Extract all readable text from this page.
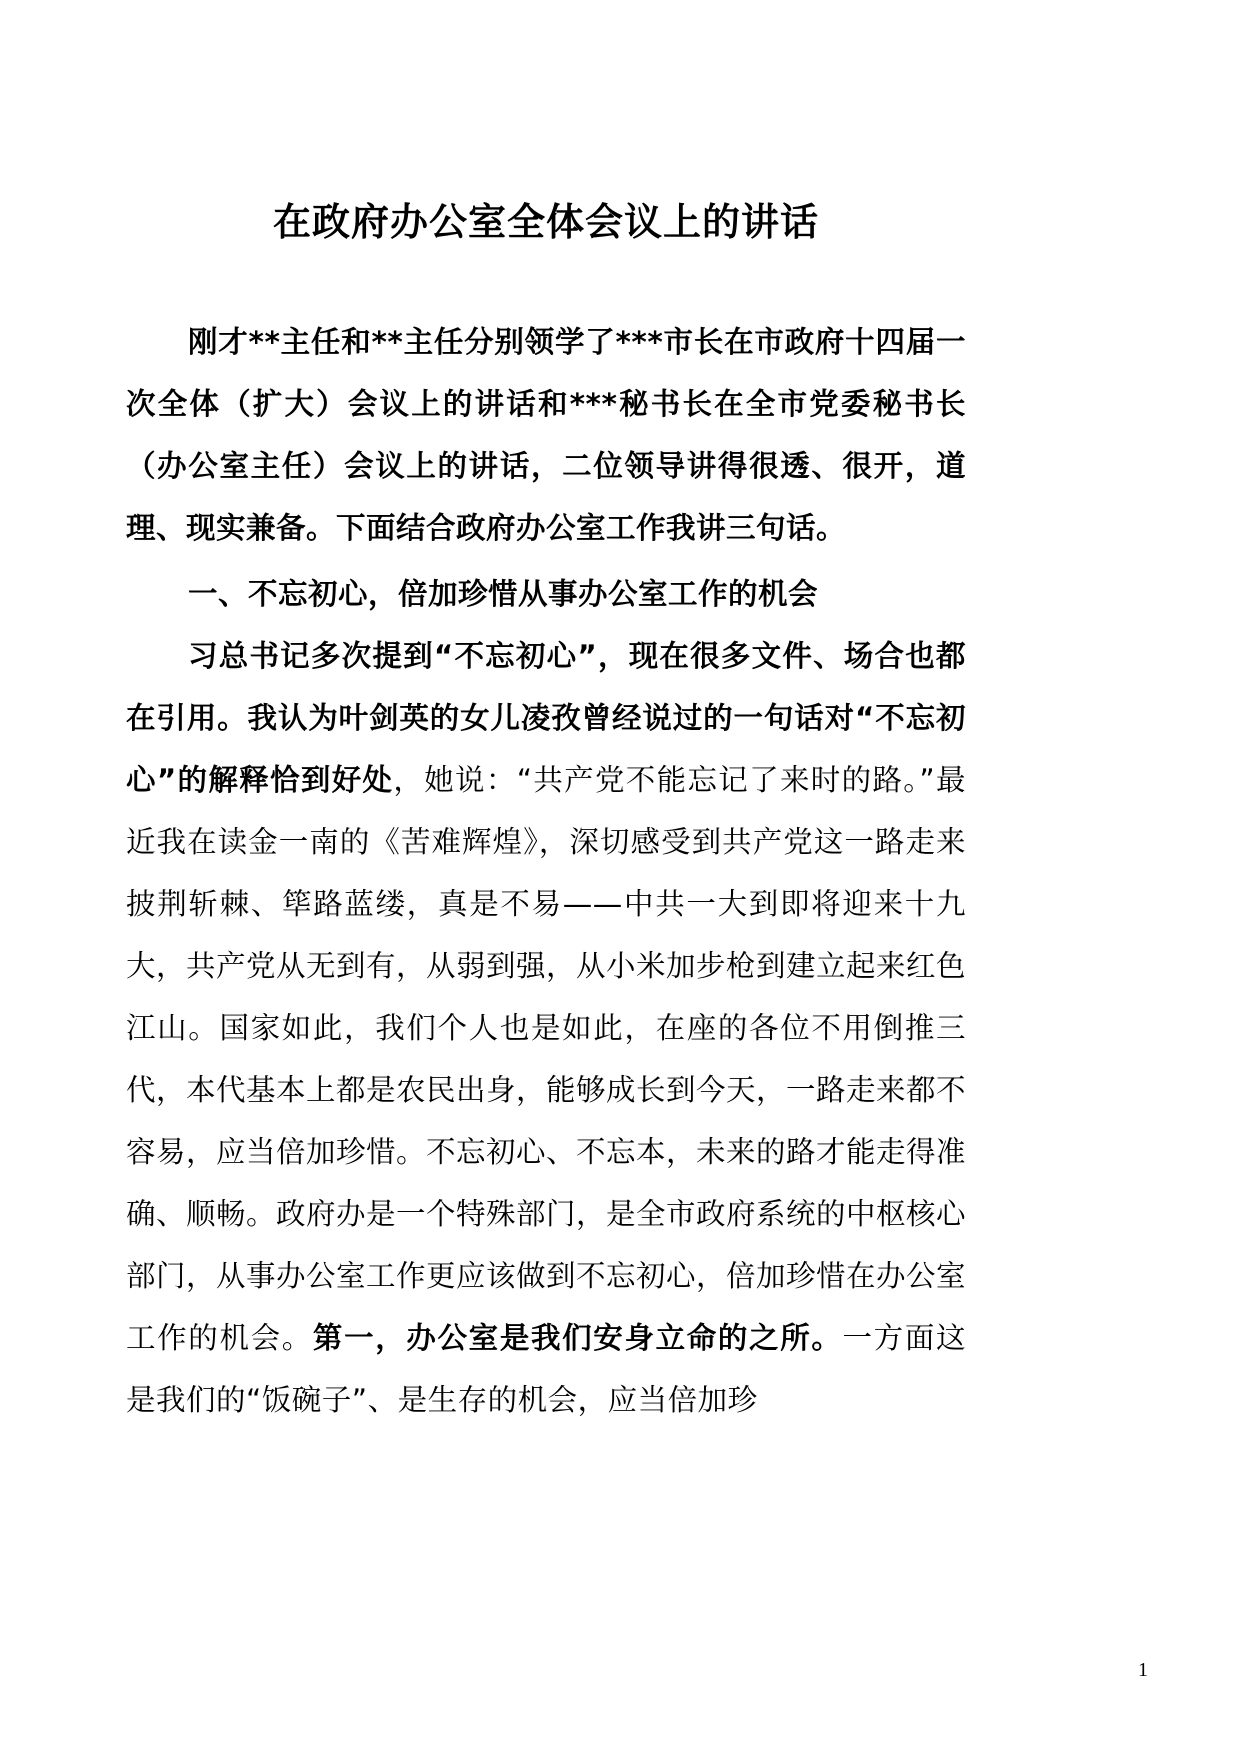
在政府办公室全体会议上的讲话

刚才**主任和**主任分别领学了***市长在市政府十四届一次全体（扩大）会议上的讲话和***秘书长在全市党委秘书长（办公室主任）会议上的讲话，二位领导讲得很透、很开，道理、现实兼备。下面结合政府办公室工作我讲三句话。

一、不忘初心，倍加珍惜从事办公室工作的机会

习总书记多次提到“不忘初心”，现在很多文件、场合也都在引用。我认为叶剑英的女儿凌孜曾经说过的一句话对“不忘初心”的解释恰到好处，她说：“共产党不能忘记了来时的路。”最近我在读金一南的《苦难辉煌》，深切感受到共产党这一路走来披荆斩棘、筚路蓝缕，真是不易——中共一大到即将迎来十九大，共产党从无到有，从弱到强，从小米加步枪到建立起来红色江山。国家如此，我们个人也是如此，在座的各位不用倒推三代，本代基本上都是农民出身，能够成长到今天，一路走来都不容易，应当倍加珍惜。不忘初心、不忘本，未来的路才能走得准确、顺畅。政府办是一个特殊部门，是全市政府系统的中枢核心部门，从事办公室工作更应该做到不忘初心，倍加珍惜在办公室工作的机会。第一，办公室是我们安身立命的之所。一方面这是我们的“饭碗子”、是生存的机会，应当倍加珍

1
